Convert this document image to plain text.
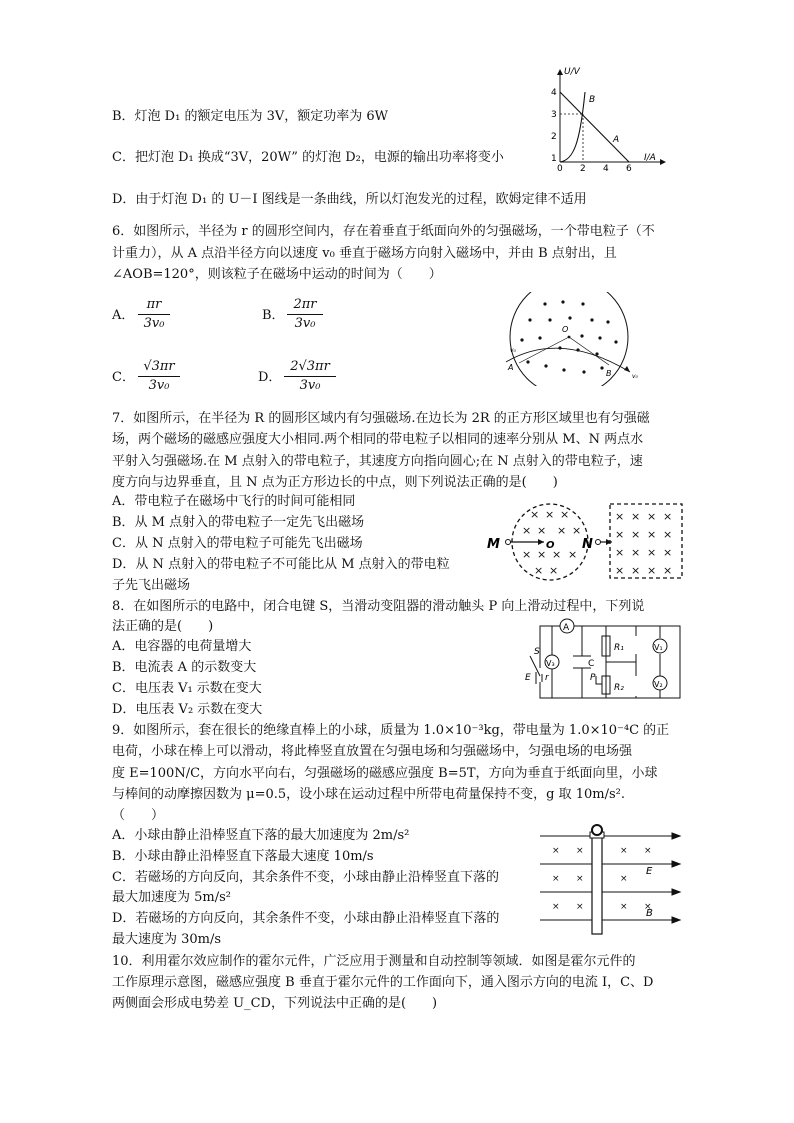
B．灯泡 D₁ 的额定电压为 3V，额定功率为 6W
C．把灯泡 D₁ 换成“3V，20W” 的灯泡 D₂，电源的输出功率将变小
D．由于灯泡 D₁ 的 U－I 图线是一条曲线，所以灯泡发光的过程，欧姆定律不适用
U/V
I/A
4
3
2
1
0 2 4 6
B
A
6．如图所示，半径为 r 的圆形空间内，存在着垂直于纸面向外的匀强磁场，一个带电粒子（不
计重力），从 A 点沿半径方向以速度 v₀ 垂直于磁场方向射入磁场中，并由 B 点射出，且
∠AOB=120°，则该粒子在磁场中运动的时间为（　　）
A． $\frac{\pi r}{\text{3v₀}}$	B． $\frac{2\pi r}{\text{3v₀}}$
C． $\frac{√3\pi r}{\text{3v₀}}$	D． $\frac{2√3\pi r}{\text{3v₀}}$
O
A
B
v₀
v₀
7．如图所示，在半径为 R 的圆形区域内有匀强磁场.在边长为 2R 的正方形区域里也有匀强磁
场，两个磁场的磁感应强度大小相同.两个相同的带电粒子以相同的速率分别从 M、N 两点水
平射入匀强磁场.在 M 点射入的带电粒子，其速度方向指向圆心;在 N 点射入的带电粒子，速
度方向与边界垂直，且 N 点为正方形边长的中点，则下列说法正确的是(　　)
A．带电粒子在磁场中飞行的时间可能相同
B．从 M 点射入的带电粒子一定先飞出磁场
C．从 N 点射入的带电粒子可能先飞出磁场
D．从 N 点射入的带电粒子不可能比从 M 点射入的带电粒
子先飞出磁场
× × ×
× × × ×
× × × ×
× ×
O
M
× × × ×
× × × ×
× × × ×
× × × ×
N
8．在如图所示的电路中，闭合电键 S，当滑动变阻器的滑动触头 P 向上滑动过程中，下列说
法正确的是(　　)
A．电容器的电荷量增大
B．电流表 A 的示数变大
C．电压表 V₁ 示数在变大
D．电压表 V₂ 示数在变大
A
V₃
V₁
V₂
R₁
R₂
C
P
S
E r
9．如图所示，套在很长的绝缘直棒上的小球，质量为 1.0×10⁻³kg，带电量为 1.0×10⁻⁴C 的正
电荷，小球在棒上可以滑动，将此棒竖直放置在匀强电场和匀强磁场中，匀强电场的电场强
度 E=100N/C，方向水平向右，匀强磁场的磁感应强度 B=5T，方向为垂直于纸面向里，小球
与棒间的动摩擦因数为 μ=0.5，设小球在运动过程中所带电荷量保持不变，g 取 10m/s².
（　　）
A．小球由静止沿棒竖直下落的最大加速度为 2m/s²
B．小球由静止沿棒竖直下落最大速度 10m/s
C．若磁场的方向反向，其余条件不变，小球由静止沿棒竖直下落的
最大加速度为 5m/s²
D．若磁场的方向反向，其余条件不变，小球由静止沿棒竖直下落的
最大速度为 30m/s
× ×	× ×
× ×	×
× ×	× ×
E
B
10．利用霍尔效应制作的霍尔元件，广泛应用于测量和自动控制等领域．如图是霍尔元件的
工作原理示意图，磁感应强度 B 垂直于霍尔元件的工作面向下，通入图示方向的电流 I，C、D
两侧面会形成电势差 U_CD，下列说法中正确的是(　　)
